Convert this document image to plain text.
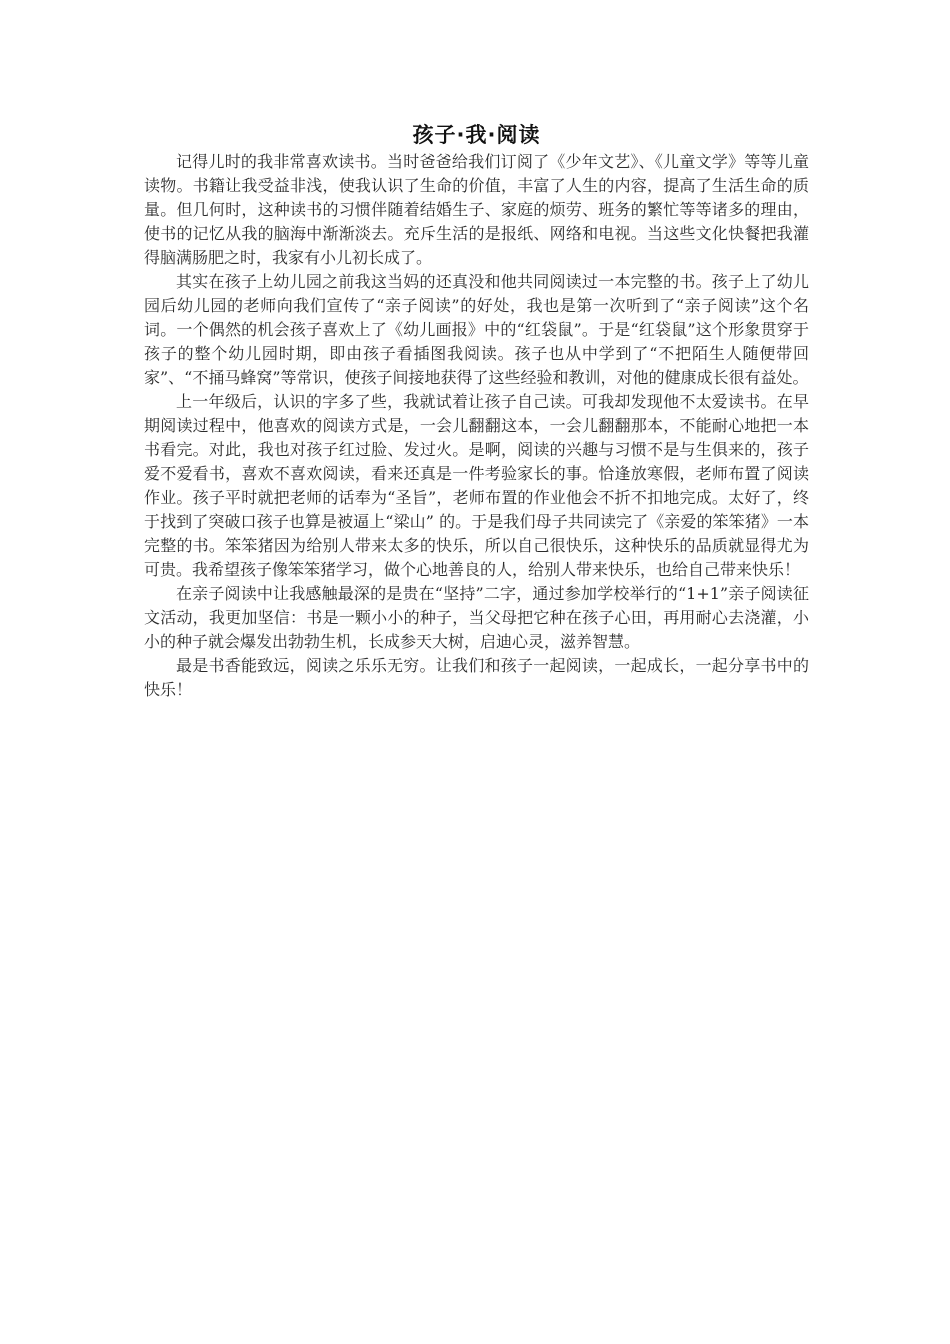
孩子·我·阅读

记得儿时的我非常喜欢读书。当时爸爸给我们订阅了《少年文艺》、《儿童文学》等等儿童读物。书籍让我受益非浅，使我认识了生命的价值，丰富了人生的内容，提高了生活生命的质量。但几何时，这种读书的习惯伴随着结婚生子、家庭的烦劳、班务的繁忙等等诸多的理由，使书的记忆从我的脑海中渐渐淡去。充斥生活的是报纸、网络和电视。当这些文化快餐把我灌得脑满肠肥之时，我家有小儿初长成了。

其实在孩子上幼儿园之前我这当妈的还真没和他共同阅读过一本完整的书。孩子上了幼儿园后幼儿园的老师向我们宣传了“亲子阅读”的好处，我也是第一次听到了“亲子阅读”这个名词。一个偶然的机会孩子喜欢上了《幼儿画报》中的“红袋鼠”。于是“红袋鼠”这个形象贯穿于孩子的整个幼儿园时期，即由孩子看插图我阅读。孩子也从中学到了“不把陌生人随便带回家”、“不捅马蜂窝”等常识，使孩子间接地获得了这些经验和教训，对他的健康成长很有益处。

上一年级后，认识的字多了些，我就试着让孩子自己读。可我却发现他不太爱读书。在早期阅读过程中，他喜欢的阅读方式是，一会儿翻翻这本，一会儿翻翻那本，不能耐心地把一本书看完。对此，我也对孩子红过脸、发过火。是啊，阅读的兴趣与习惯不是与生俱来的，孩子爱不爱看书，喜欢不喜欢阅读，看来还真是一件考验家长的事。恰逢放寒假，老师布置了阅读作业。孩子平时就把老师的话奉为“圣旨”，老师布置的作业他会不折不扣地完成。太好了，终于找到了突破口孩子也算是被逼上“梁山” 的。于是我们母子共同读完了《亲爱的笨笨猪》一本完整的书。笨笨猪因为给别人带来太多的快乐，所以自己很快乐，这种快乐的品质就显得尤为可贵。我希望孩子像笨笨猪学习，做个心地善良的人，给别人带来快乐，也给自己带来快乐！

在亲子阅读中让我感触最深的是贵在“坚持”二字，通过参加学校举行的“1+1”亲子阅读征文活动，我更加坚信：书是一颗小小的种子，当父母把它种在孩子心田，再用耐心去浇灌，小小的种子就会爆发出勃勃生机，长成参天大树，启迪心灵，滋养智慧。

最是书香能致远，阅读之乐乐无穷。让我们和孩子一起阅读，一起成长，一起分享书中的快乐！
